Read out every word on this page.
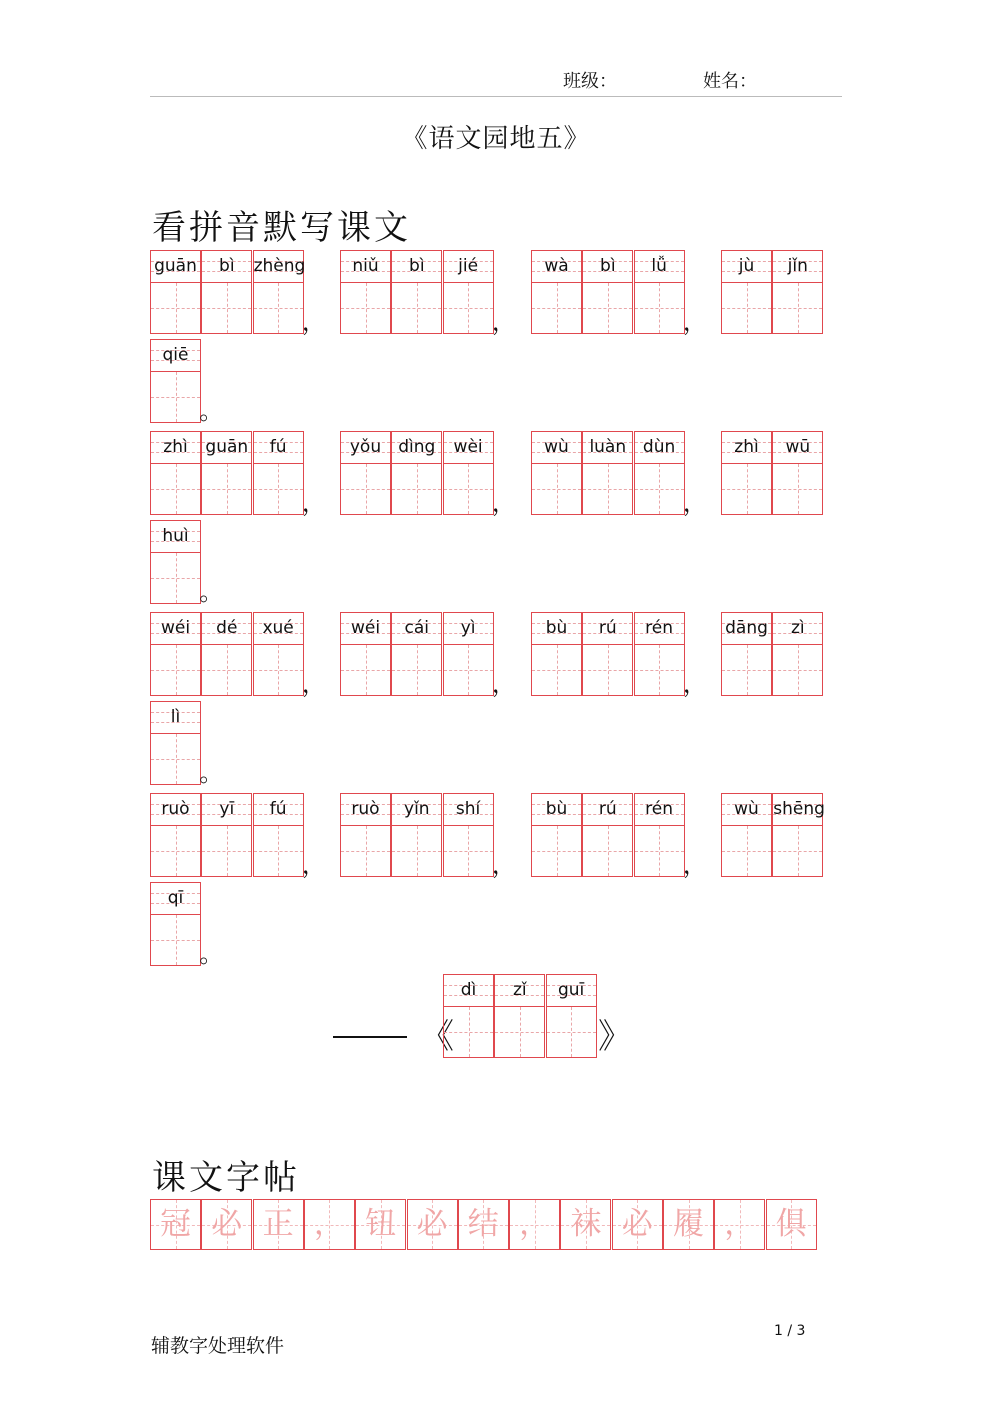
班级：	姓名：
《语文园地五》
看拼音默写课文
guān	bì	zhèng
，
niǔ	bì	jié
，
wà	bì	lǚ
，
jù	jǐn
qiē
。
zhì	guān	fú
，
yǒu	dìng	wèi
，
wù	luàn dùn
，
zhì	wū
huì
。
wéi	dé	xué
，
wéi	cái	yì
，
bù	rú	rén
，
dāng	zì
lì
。
ruò	yī	fú
，
ruò	yǐn	shí
，
bù	rú	rén
，
wù shēng
qī
。
《	》
dì	zǐ	guī
课文字帖
冠 必 正 ， 钮 必 结 ， 袜 必 履 ， 俱
辅教字处理软件
1 / 3
